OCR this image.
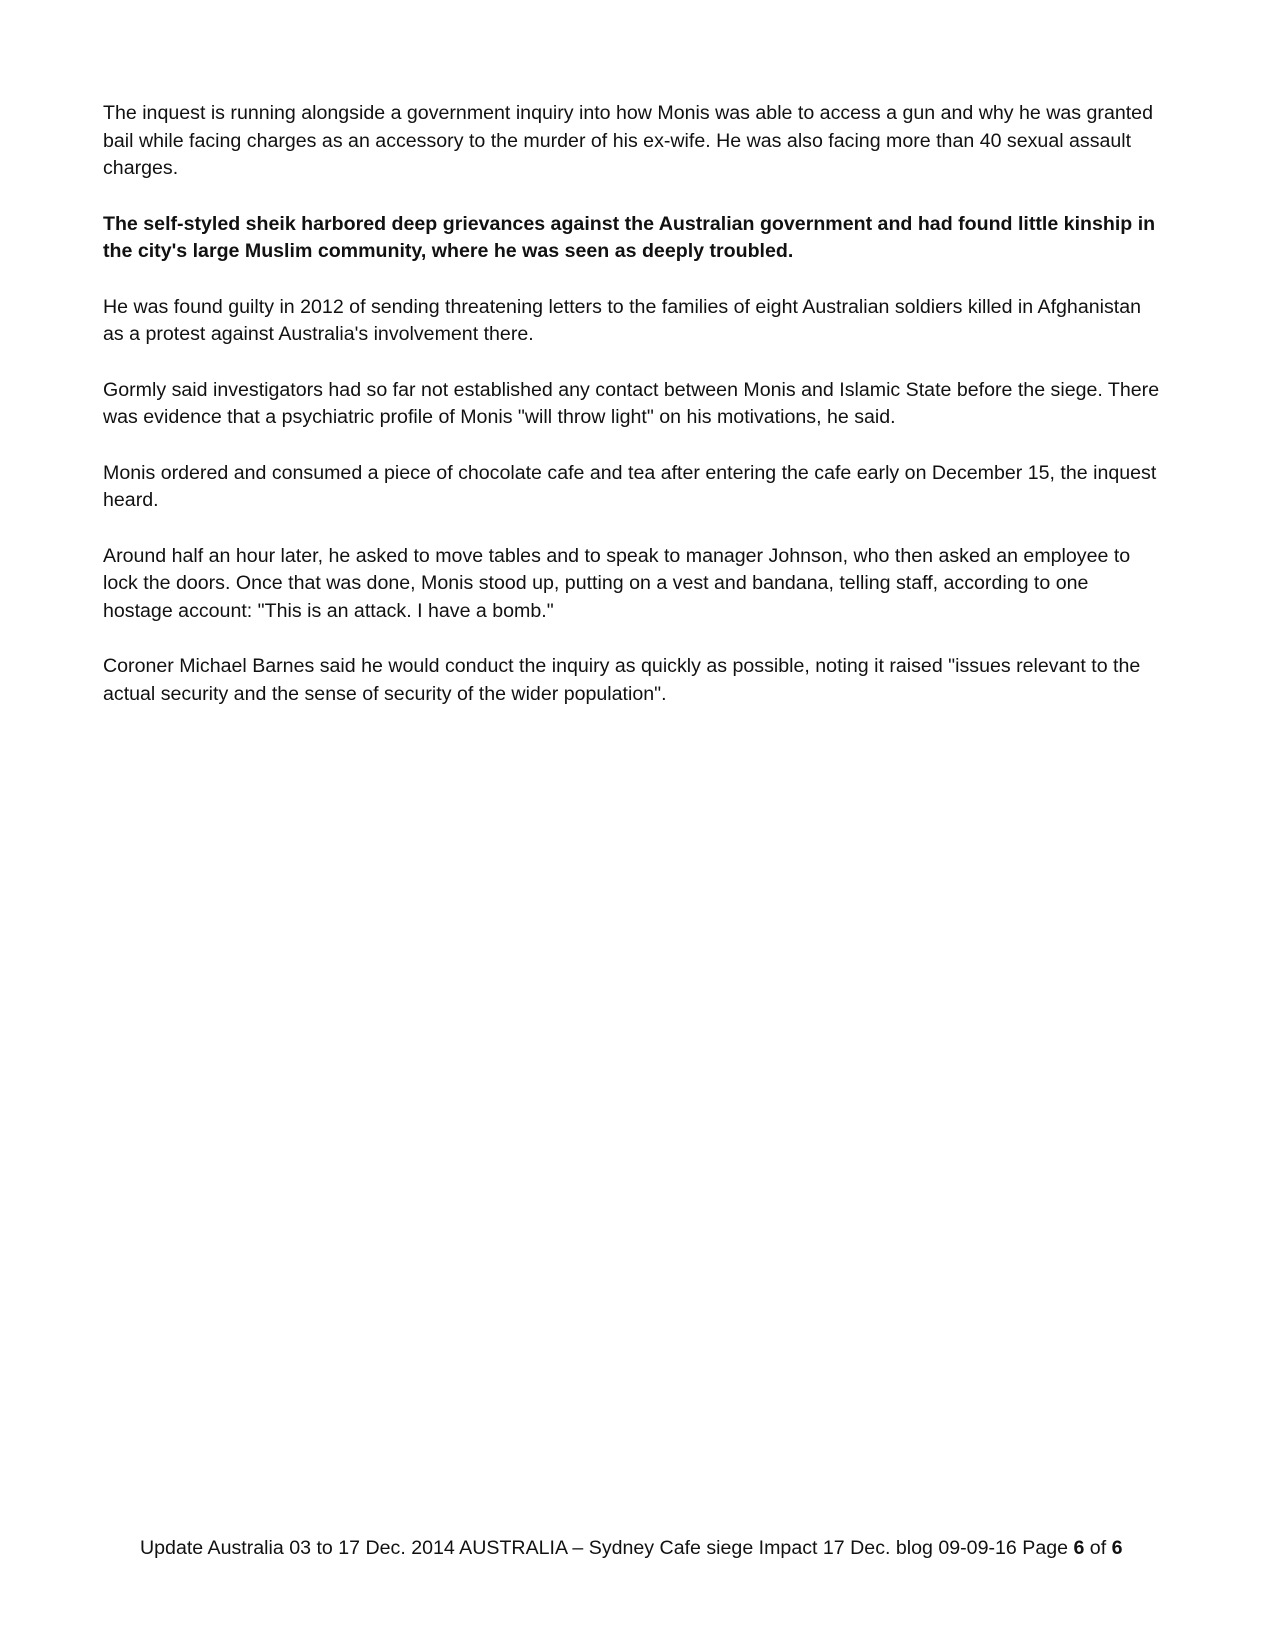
The inquest is running alongside a government inquiry into how Monis was able to access a gun and why he was granted bail while facing charges as an accessory to the murder of his ex-wife. He was also facing more than 40 sexual assault charges.

The self-styled sheik harbored deep grievances against the Australian government and had found little kinship in the city's large Muslim community, where he was seen as deeply troubled.

He was found guilty in 2012 of sending threatening letters to the families of eight Australian soldiers killed in Afghanistan as a protest against Australia's involvement there.

Gormly said investigators had so far not established any contact between Monis and Islamic State before the siege. There was evidence that a psychiatric profile of Monis "will throw light" on his motivations, he said.

Monis ordered and consumed a piece of chocolate cafe and tea after entering the cafe early on December 15, the inquest heard.

Around half an hour later, he asked to move tables and to speak to manager Johnson, who then asked an employee to lock the doors. Once that was done, Monis stood up, putting on a vest and bandana, telling staff, according to one hostage account: "This is an attack. I have a bomb."

Coroner Michael Barnes said he would conduct the inquiry as quickly as possible, noting it raised "issues relevant to the actual security and the sense of security of the wider population".

Update Australia 03 to 17 Dec. 2014 AUSTRALIA – Sydney Cafe siege Impact 17 Dec. blog 09-09-16 Page 6 of 6
